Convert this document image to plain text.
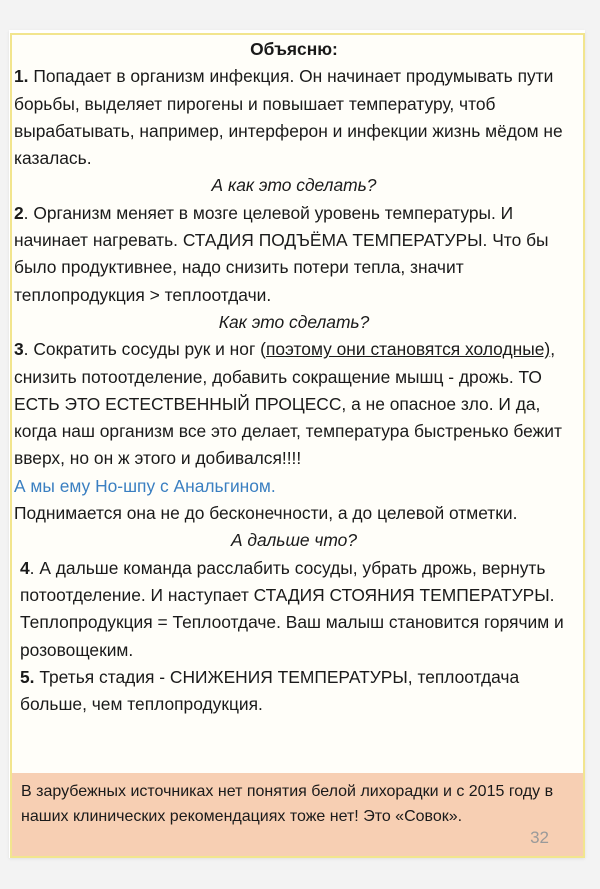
Объясню:

1. Попадает в организм инфекция. Он начинает продумывать пути борьбы, выделяет пирогены и повышает температуру, чтоб вырабатывать, например, интерферон и инфекции жизнь мёдом не казалась.

А как это сделать?

2. Организм меняет в мозге целевой уровень температуры. И начинает нагревать. СТАДИЯ ПОДЪЁМА ТЕМПЕРАТУРЫ. Что бы было продуктивнее, надо снизить потери тепла, значит теплопродукция > теплоотдачи.

Как это сделать?

3. Сократить сосуды рук и ног (поэтому они становятся холодные), снизить потоотделение, добавить сокращение мышц - дрожь. ТО ЕСТЬ ЭТО ЕСТЕСТВЕННЫЙ ПРОЦЕСС, а не опасное зло. И да, когда наш организм все это делает, температура быстренько бежит вверх, но он ж этого и добивался!!!!

А мы ему Но-шпу с Анальгином.

Поднимается она не до бесконечности, а до целевой отметки.

А дальше что?

4. А дальше команда расслабить сосуды, убрать дрожь, вернуть потоотделение. И наступает СТАДИЯ СТОЯНИЯ ТЕМПЕРАТУРЫ. Теплопродукция = Теплоотдаче. Ваш малыш становится горячим и розовощеким.

5. Третья стадия - СНИЖЕНИЯ ТЕМПЕРАТУРЫ, теплоотдача больше, чем теплопродукция.

В зарубежных источниках нет понятия белой лихорадки и с 2015 году в наших клинических рекомендациях тоже нет! Это «Совок».
32
